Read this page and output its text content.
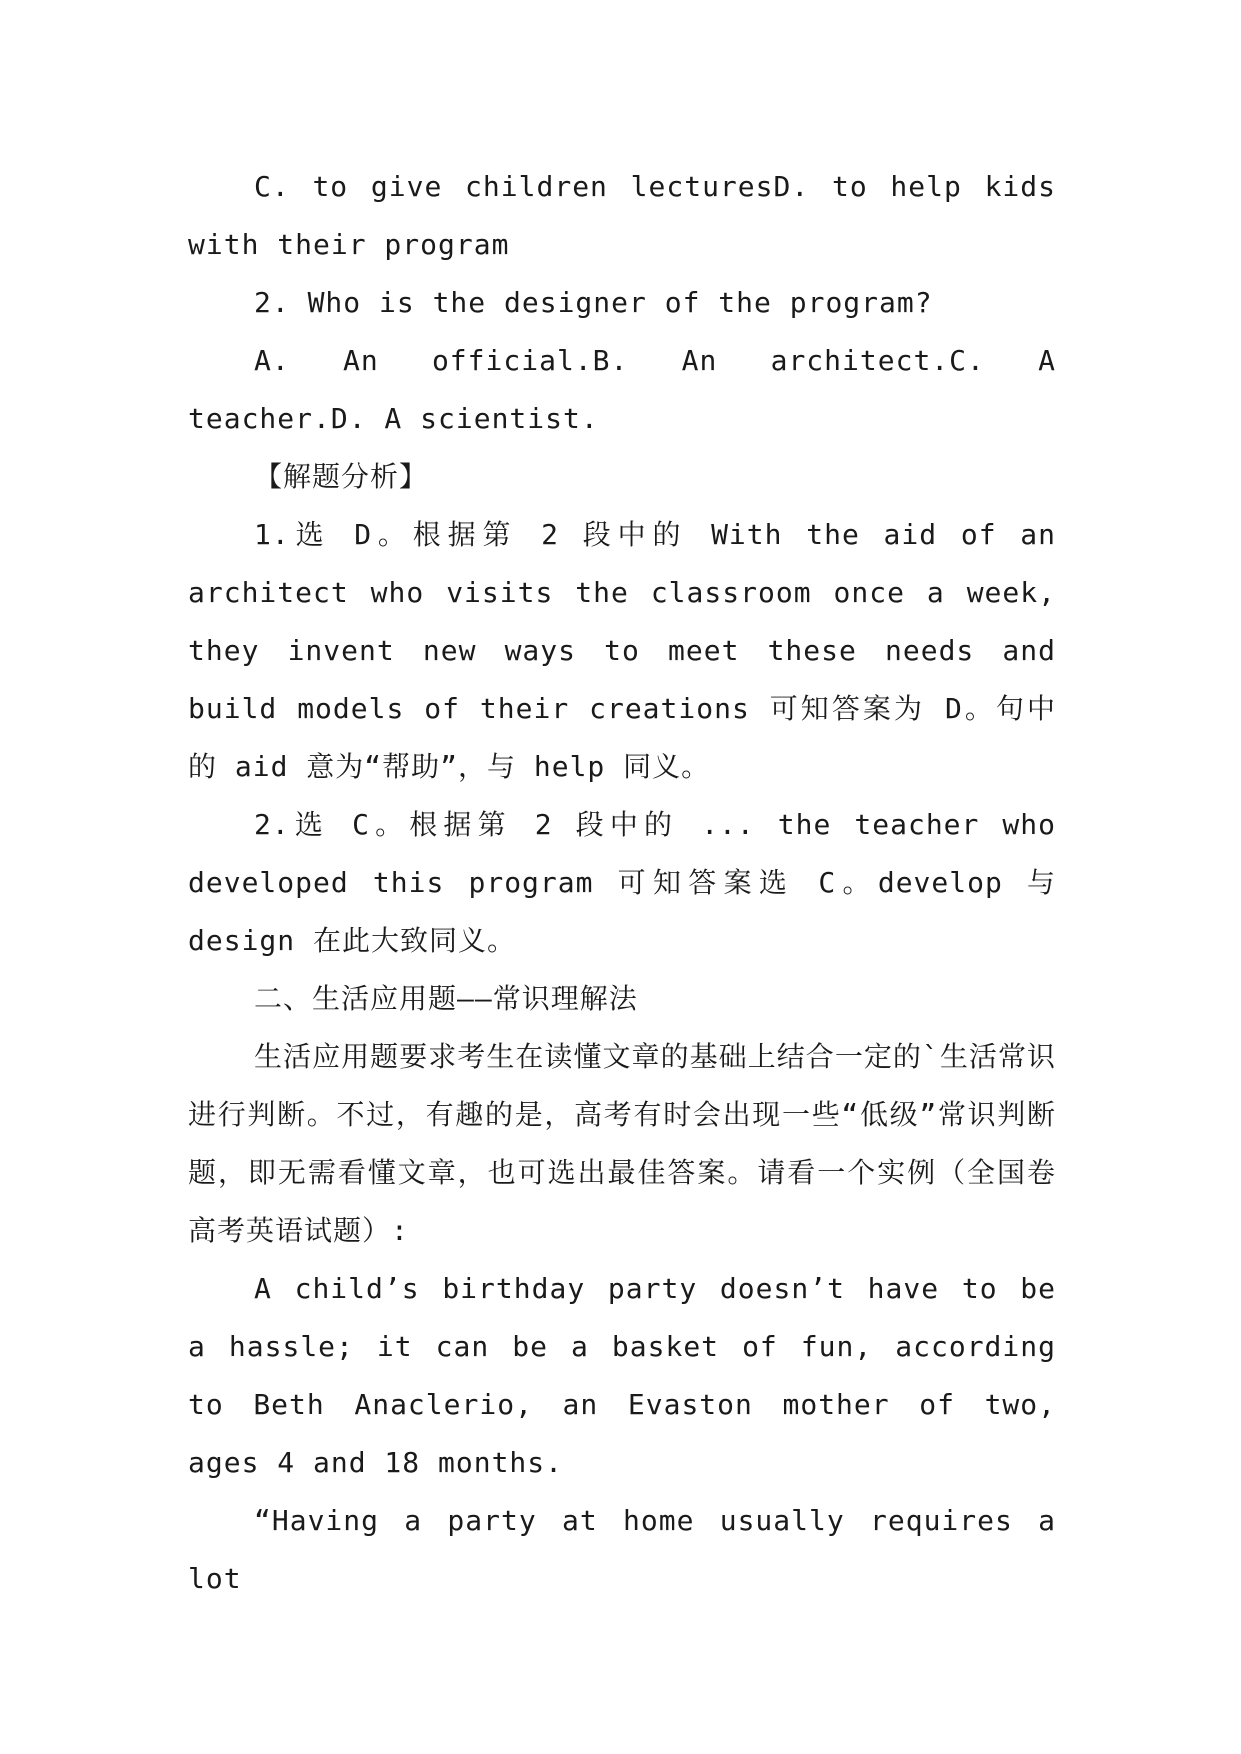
C. to give children lecturesD. to help kids with their program

2. Who is the designer of the program?

A. An official.B. An architect.C. A teacher.D. A scientist.

【解题分析】

1.选 D。根据第 2 段中的 With the aid of an architect who visits the classroom once a week, they invent new ways to meet these needs and build models of their creations 可知答案为 D。句中的 aid 意为“帮助”，与 help 同义。

2.选 C。根据第 2 段中的 ... the teacher who developed this program 可知答案选 C。develop 与 design 在此大致同义。

二、生活应用题——常识理解法

生活应用题要求考生在读懂文章的基础上结合一定的`生活常识进行判断。不过，有趣的是，高考有时会出现一些“低级”常识判断题，即无需看懂文章，也可选出最佳答案。请看一个实例（全国卷高考英语试题）:

A child’s birthday party doesn’t have to be a hassle; it can be a basket of fun, according to Beth Anaclerio, an Evaston mother of two, ages 4 and 18 months.

“Having a party at home usually requires a lot
